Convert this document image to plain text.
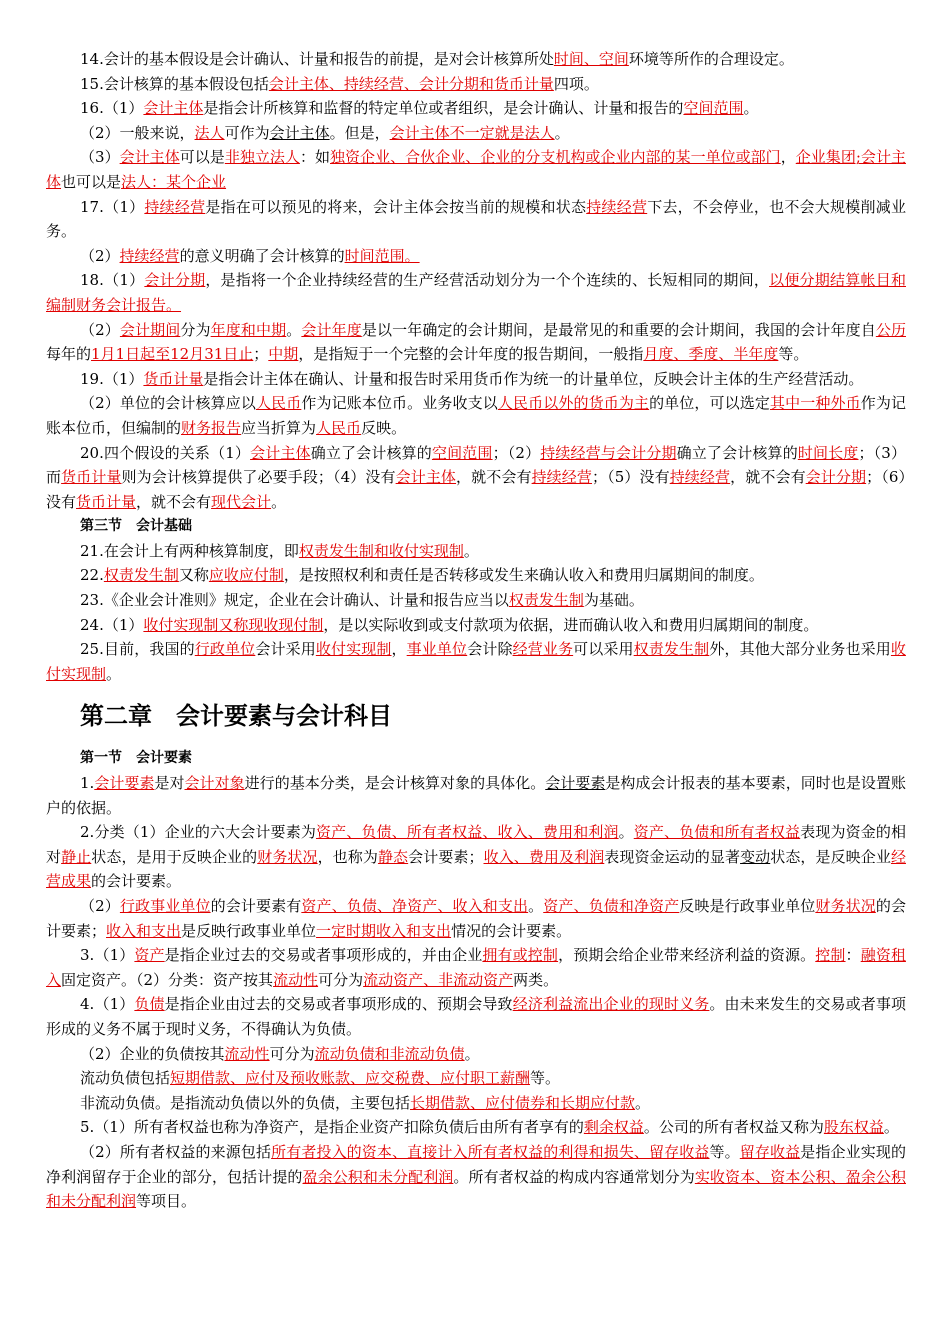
14.会计的基本假设是会计确认、计量和报告的前提，是对会计核算所处时间、空间环境等所作的合理设定。

15.会计核算的基本假设包括会计主体、持续经营、会计分期和货币计量四项。

16.（1）会计主体是指会计所核算和监督的特定单位或者组织，是会计确认、计量和报告的空间范围。

（2）一般来说，法人可作为会计主体。但是，会计主体不一定就是法人。

（3）会计主体可以是非独立法人：如独资企业、合伙企业、企业的分支机构或企业内部的某一单位或部门，企业集团;会计主体也可以是法人：某个企业

17.（1）持续经营是指在可以预见的将来，会计主体会按当前的规模和状态持续经营下去，不会停业，也不会大规模削减业务。

（2）持续经营的意义明确了会计核算的时间范围。

18.（1）会计分期，是指将一个企业持续经营的生产经营活动划分为一个个连续的、长短相同的期间，以便分期结算帐目和编制财务会计报告。

（2）会计期间分为年度和中期。会计年度是以一年确定的会计期间，是最常见的和重要的会计期间，我国的会计年度自公历每年的1月1日起至12月31日止；中期，是指短于一个完整的会计年度的报告期间，一般指月度、季度、半年度等。

19.（1）货币计量是指会计主体在确认、计量和报告时采用货币作为统一的计量单位，反映会计主体的生产经营活动。

（2）单位的会计核算应以人民币作为记账本位币。业务收支以人民币以外的货币为主的单位，可以选定其中一种外币作为记账本位币，但编制的财务报告应当折算为人民币反映。

20.四个假设的关系（1）会计主体确立了会计核算的空间范围；（2）持续经营与会计分期确立了会计核算的时间长度；（3）而货币计量则为会计核算提供了必要手段；（4）没有会计主体，就不会有持续经营；（5）没有持续经营，就不会有会计分期；（6）没有货币计量，就不会有现代会计。

第三节　会计基础

21.在会计上有两种核算制度，即权责发生制和收付实现制。

22.权责发生制又称应收应付制，是按照权利和责任是否转移或发生来确认收入和费用归属期间的制度。

23.《企业会计准则》规定，企业在会计确认、计量和报告应当以权责发生制为基础。

24.（1）收付实现制又称现收现付制，是以实际收到或支付款项为依据，进而确认收入和费用归属期间的制度。

25.目前，我国的行政单位会计采用收付实现制，事业单位会计除经营业务可以采用权责发生制外，其他大部分业务也采用收付实现制。

第二章　会计要素与会计科目

第一节　会计要素

1.会计要素是对会计对象进行的基本分类，是会计核算对象的具体化。会计要素是构成会计报表的基本要素，同时也是设置账户的依据。

2.分类（1）企业的六大会计要素为资产、负债、所有者权益、收入、费用和利润。资产、负债和所有者权益表现为资金的相对静止状态，是用于反映企业的财务状况，也称为静态会计要素；收入、费用及利润表现资金运动的显著变动状态，是反映企业经营成果的会计要素。

（2）行政事业单位的会计要素有资产、负债、净资产、收入和支出。资产、负债和净资产反映是行政事业单位财务状况的会计要素；收入和支出是反映行政事业单位一定时期收入和支出情况的会计要素。

3.（1）资产是指企业过去的交易或者事项形成的，并由企业拥有或控制，预期会给企业带来经济利益的资源。控制：融资租入固定资产。（2）分类：资产按其流动性可分为流动资产、非流动资产两类。

4.（1）负债是指企业由过去的交易或者事项形成的、预期会导致经济利益流出企业的现时义务。由未来发生的交易或者事项形成的义务不属于现时义务，不得确认为负债。

（2）企业的负债按其流动性可分为流动负债和非流动负债。

流动负债包括短期借款、应付及预收账款、应交税费、应付职工薪酬等。

非流动负债。是指流动负债以外的负债，主要包括长期借款、应付债券和长期应付款。

5.（1）所有者权益也称为净资产，是指企业资产扣除负债后由所有者享有的剩余权益。公司的所有者权益又称为股东权益。

（2）所有者权益的来源包括所有者投入的资本、直接计入所有者权益的利得和损失、留存收益等。留存收益是指企业实现的净利润留存于企业的部分，包括计提的盈余公积和未分配利润。所有者权益的构成内容通常划分为实收资本、资本公积、盈余公积和未分配利润等项目。
